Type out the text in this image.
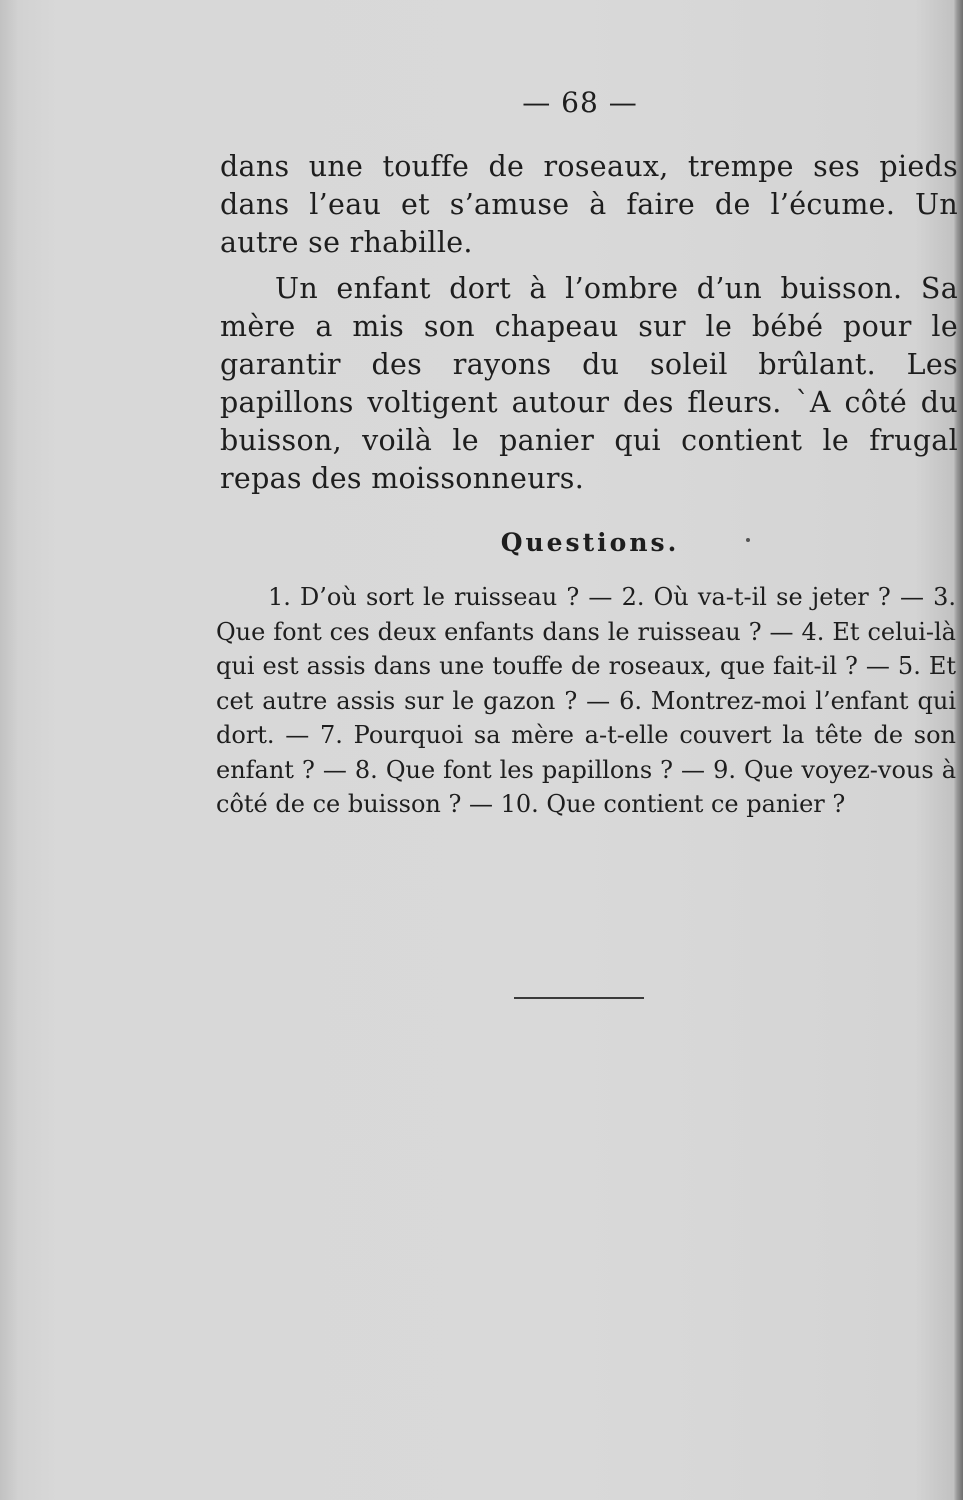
— 68 —

dans une touffe de roseaux, trempe ses pieds dans l’eau et s’amuse à faire de l’écume. Un autre se rhabille.

Un enfant dort à l’ombre d’un buisson. Sa mère a mis son chapeau sur le bébé pour le garantir des rayons du soleil brûlant. Les papillons voltigent autour des fleurs. `A côté du buisson, voilà le panier qui contient le frugal repas des moissonneurs.

Questions.

1. D’où sort le ruisseau ? — 2. Où va-t-il se jeter ? — 3. Que font ces deux enfants dans le ruisseau ? — 4. Et celui-là qui est assis dans une touffe de roseaux, que fait-il ? — 5. Et cet autre assis sur le gazon ? — 6. Montrez-moi l’enfant qui dort. — 7. Pourquoi sa mère a-t-elle couvert la tête de son enfant ? — 8. Que font les papillons ? — 9. Que voyez-vous à côté de ce buisson ? — 10. Que contient ce panier ?
